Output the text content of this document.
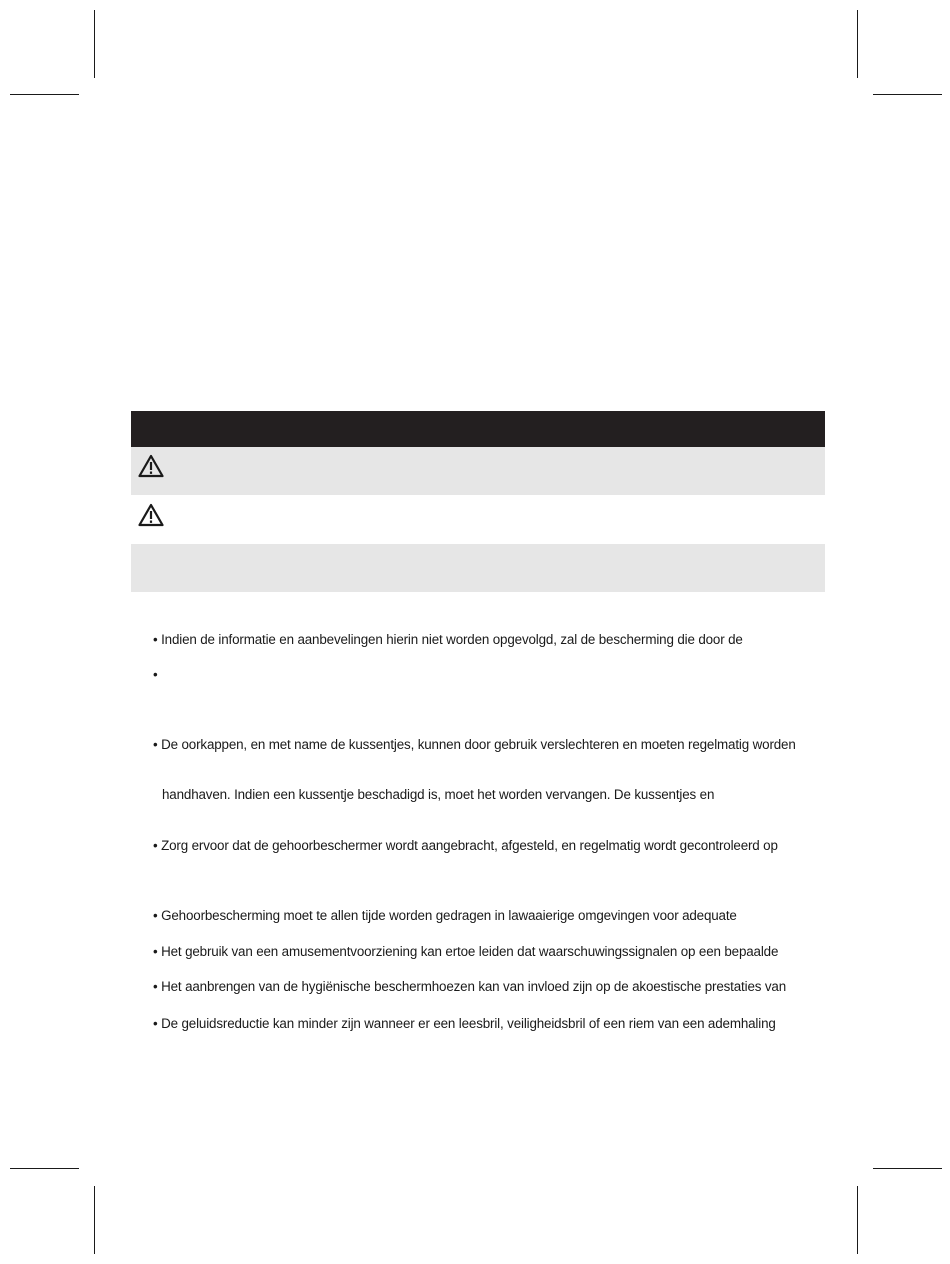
• Indien de informatie en aanbevelingen hierin niet worden opgevolgd, zal de bescherming die door de
•
• De oorkappen, en met name de kussentjes, kunnen door gebruik verslechteren en moeten regelmatig worden
handhaven. Indien een kussentje beschadigd is, moet het worden vervangen. De kussentjes en
• Zorg ervoor dat de gehoorbeschermer wordt aangebracht, afgesteld, en regelmatig wordt gecontroleerd op
• Gehoorbescherming moet te allen tijde worden gedragen in lawaaierige omgevingen voor adequate
• Het gebruik van een amusementvoorziening kan ertoe leiden dat waarschuwingssignalen op een bepaalde
• Het aanbrengen van de hygiënische beschermhoezen kan van invloed zijn op de akoestische prestaties van
• De geluidsreductie kan minder zijn wanneer er een leesbril, veiligheidsbril of een riem van een ademhaling
